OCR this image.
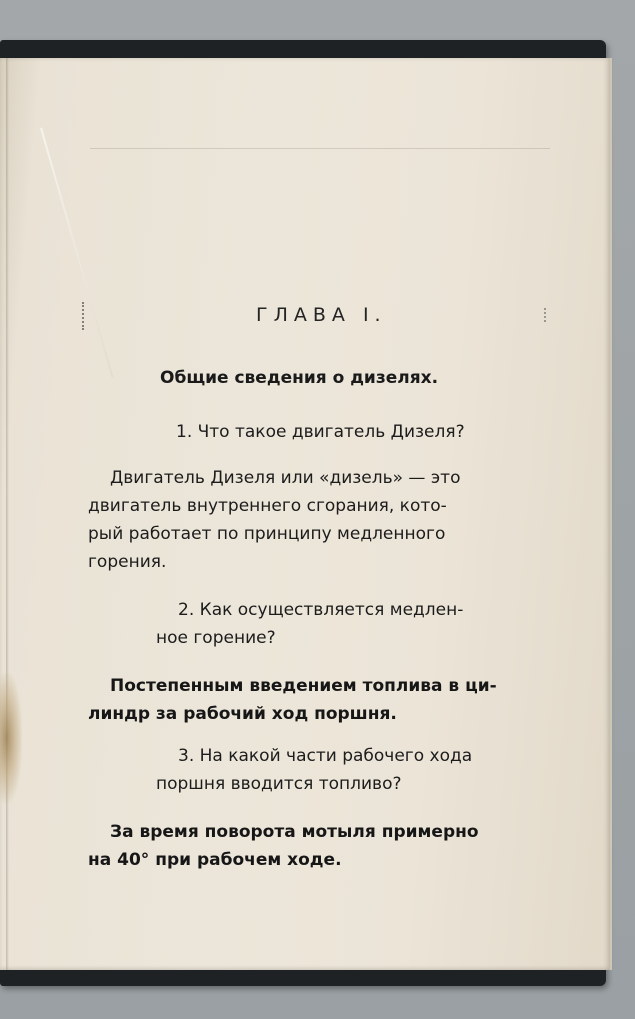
ГЛАВА I.
Общие сведения о дизелях.
1. Что такое двигатель Дизеля?
Двигатель Дизеля или «дизель» — это
двигатель внутреннего сгорания, кото-
рый работает по принципу медленного
горения.
2. Как осуществляется медлен-
ное горение?
Постепенным введением топлива в ци-
линдр за рабочий ход поршня.
3. На какой части рабочего хода
поршня вводится топливо?
За время поворота мотыля примерно
на 40° при рабочем ходе.
